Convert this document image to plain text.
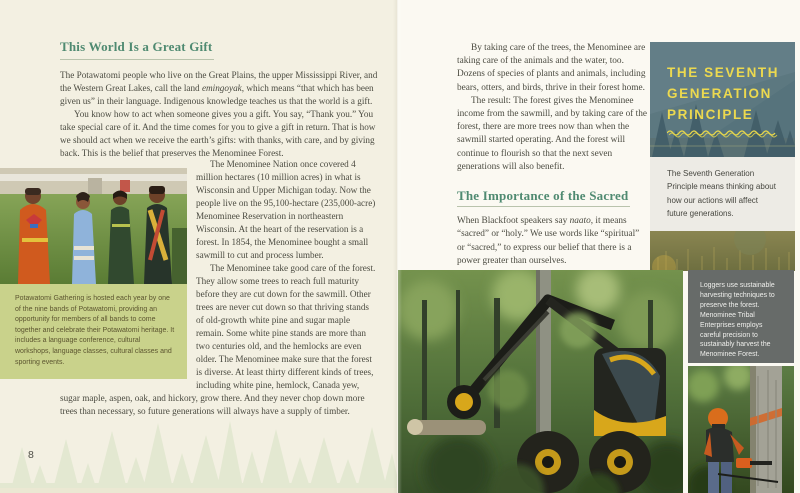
This World Is a Great Gift

The Potawatomi people who live on the Great Plains, the upper Mississippi River, and the Western Great Lakes, call the land emingoyak, which means “that which has been given us” in their language. Indigenous knowledge teaches us that the world is a gift.

You know how to act when someone gives you a gift. You say, “Thank you.” You take special care of it. And the time comes for you to give a gift in return. That is how we should act when we receive the earth’s gifts: with thanks, with care, and by giving back. This is the belief that preserves the Menominee Forest.

Potawatomi Gathering is hosted each year by one of the nine bands of Potawatomi, providing an opportunity for members of all bands to come together and celebrate their Potawatomi heritage. It includes a language conference, cultural workshops, language classes, cultural classes and sporting events.

The Menominee Nation once covered 4 million hectares (10 million acres) in what is Wisconsin and Upper Michigan today. Now the people live on the 95,100-hectare (235,000-acre) Menominee Reservation in northeastern Wisconsin. At the heart of the reservation is a forest. In 1854, the Menominee bought a small sawmill to cut and process lumber.

The Menominee take good care of the forest. They allow some trees to reach full maturity before they are cut down for the sawmill. Other trees are never cut down so that thriving stands of old-growth white pine and sugar maple remain. Some white pine stands are more than two centuries old, and the hemlocks are even older. The Menominee make sure that the forest is diverse. At least thirty different kinds of trees, including white pine, hemlock, Canada yew, sugar maple, aspen, oak, and hickory, grow there. And they never chop down more trees than necessary, so future generations will always have a supply of timber.

8

By taking care of the trees, the Menominee are taking care of the animals and the water, too. Dozens of species of plants and animals, including bears, otters, and birds, thrive in their forest home.

The result: The forest gives the Menominee income from the sawmill, and by taking care of the forest, there are more trees now than when the sawmill started operating. And the forest will continue to flourish so that the next seven generations will also benefit.

The Importance of the Sacred

When Blackfoot speakers say naato, it means “sacred” or “holy.” We use words like “spiritual” or “sacred,” to express our belief that there is a power greater than ourselves.

THE SEVENTH GENERATION PRINCIPLE
The Seventh Generation Principle means thinking about how our actions will affect future generations.
Loggers use sustainable harvesting techniques to preserve the forest. Menominee Tribal Enterprises employs careful precision to sustainably harvest the Menominee Forest.
